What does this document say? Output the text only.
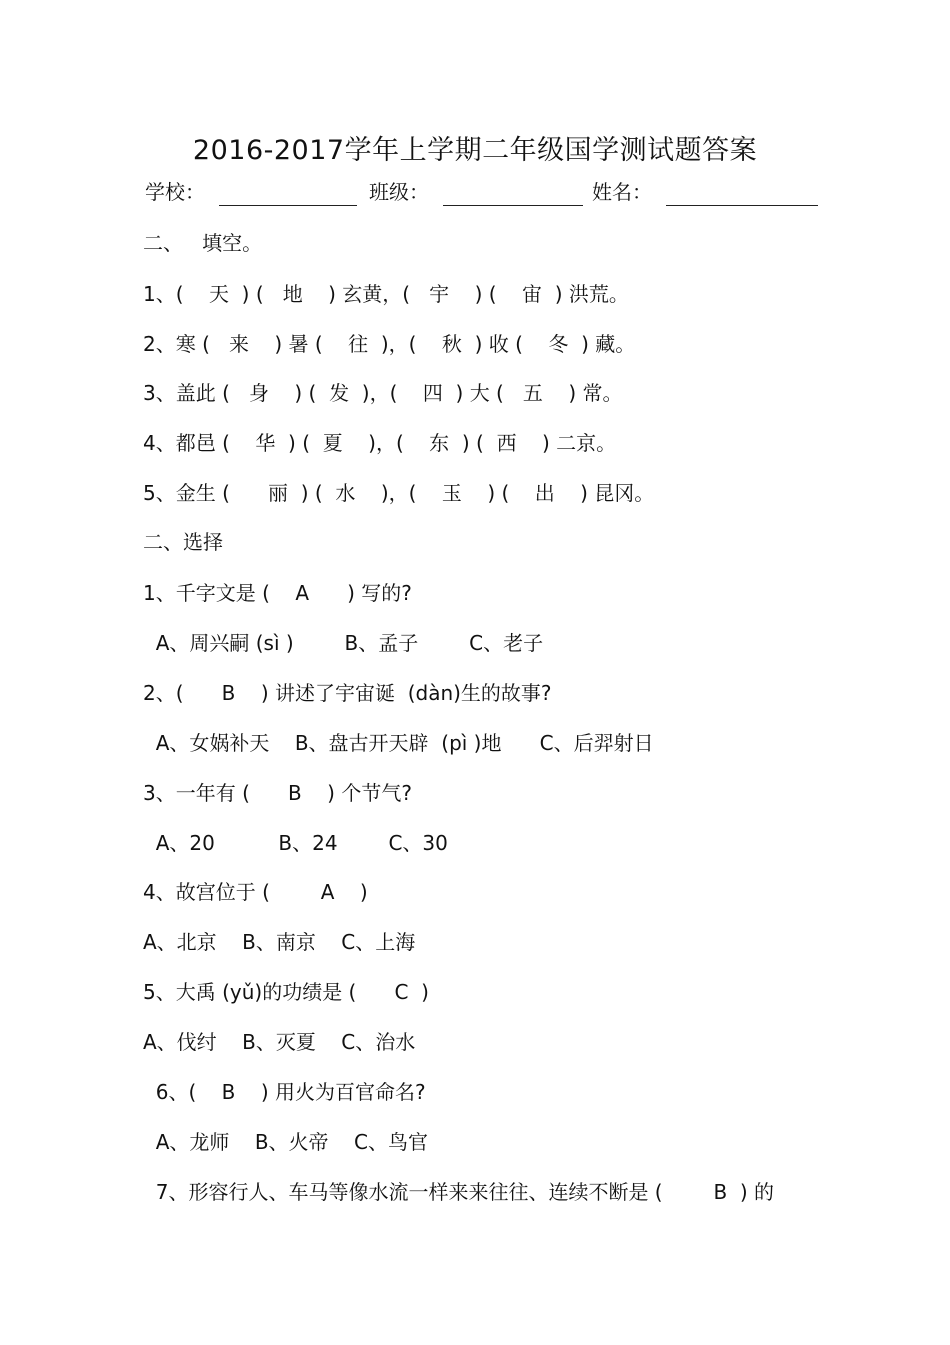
2016-2017学年上学期二年级国学测试题答案
学校：	班级：	姓名：
二、   填空。
1、(    天  ) (   地    ) 玄黄，(   宇    ) (    宙  ) 洪荒。
2、寒 (   来    ) 暑 (    往  )，(    秋  ) 收 (    冬  ) 藏。
3、盖此 (   身    ) (  发  )，(    四  ) 大 (   五    ) 常。
4、都邑 (    华  ) (  夏    )，(    东  ) (  西    ) 二京。
5、金生 (      丽  ) (  水    )，(    玉    ) (    出    ) 昆冈。
二、选择
1、千字文是 (    A      ) 写的?
A、周兴嗣 (sì )        B、孟子        C、老子
2、(      B    ) 讲述了宇宙诞  (dàn)生的故事?
A、女娲补天    B、盘古开天辟  (pì )地      C、后羿射日
3、一年有 (      B    ) 个节气?
A、20          B、24        C、30
4、故宫位于 (        A    )
A、北京    B、南京    C、上海
5、大禹 (yǔ)的功绩是 (      C  )
A、伐纣    B、灭夏    C、治水
6、(    B    ) 用火为百官命名?
A、龙师    B、火帝    C、鸟官
7、形容行人、车马等像水流一样来来往往、连续不断是 (        B  ) 的
